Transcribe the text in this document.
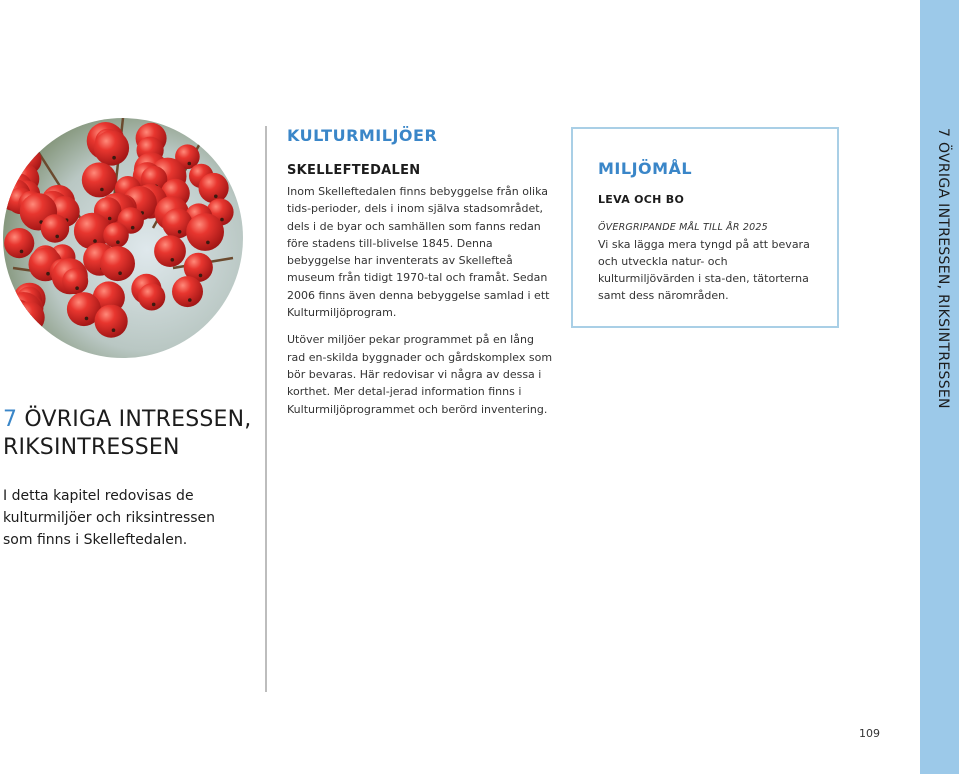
7 ÖVRIGA INTRESSEN,
RIKSINTRESSEN

I detta kapitel redovisas de kulturmiljöer och riksintressen som finns i Skelleftedalen.

KULTURMILJÖER
SKELLEFTEDALEN

Inom Skelleftedalen finns bebyggelse från olika tids-perioder, dels i inom själva stadsområdet, dels i de byar och samhällen som fanns redan före stadens till-blivelse 1845. Denna bebyggelse har inventerats av Skellefteå museum från tidigt 1970-tal och framåt. Sedan 2006 finns även denna bebyggelse samlad i ett Kulturmiljöprogram.

Utöver miljöer pekar programmet på en lång rad en-skilda byggnader och gårdskomplex som bör bevaras. Här redovisar vi några av dessa i korthet. Mer detal-jerad information finns i Kulturmiljöprogrammet och berörd inventering.

MILJÖMÅL
LEVA OCH BO

ÖVERGRIPANDE MÅL TILL ÅR 2025

Vi ska lägga mera tyngd på att bevara och utveckla natur- och kulturmiljövärden i sta-den, tätorterna samt dess närområden.	7 ÖVRIGA INTRESSEN, RIKSINTRESSEN
109
